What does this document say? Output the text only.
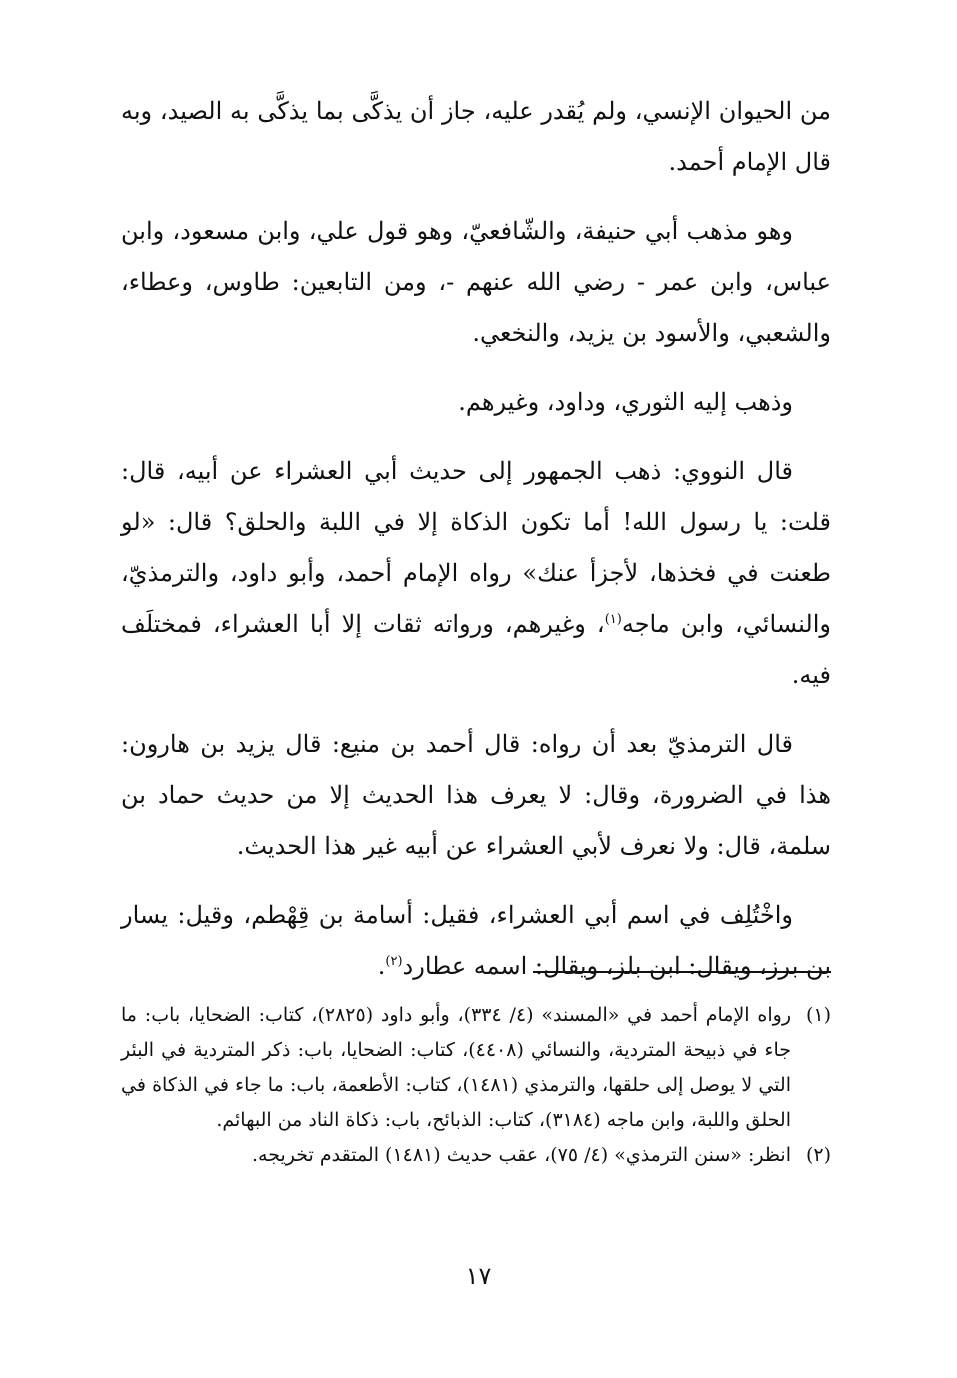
من الحيوان الإنسي، ولم يُقدر عليه، جاز أن يذكَّى بما يذكَّى به الصيد، وبه قال الإمام أحمد.

وهو مذهب أبي حنيفة، والشّافعيّ، وهو قول علي، وابن مسعود، وابن عباس، وابن عمر - رضي الله عنهم -، ومن التابعين: طاوس، وعطاء، والشعبي، والأسود بن يزيد، والنخعي.

وذهب إليه الثوري، وداود، وغيرهم.

قال النووي: ذهب الجمهور إلى حديث أبي العشراء عن أبيه، قال: قلت: يا رسول الله! أما تكون الذكاة إلا في اللبة والحلق؟ قال: «لو طعنت في فخذها، لأجزأ عنك» رواه الإمام أحمد، وأبو داود، والترمذيّ، والنسائي، وابن ماجه$^{(١)}$، وغيرهم، ورواته ثقات إلا أبا العشراء، فمختلَف فيه.

قال الترمذيّ بعد أن رواه: قال أحمد بن منيع: قال يزيد بن هارون: هذا في الضرورة، وقال: لا يعرف هذا الحديث إلا من حديث حماد بن سلمة، قال: ولا نعرف لأبي العشراء عن أبيه غير هذا الحديث.

واخْتُلِف في اسم أبي العشراء، فقيل: أسامة بن قِهْطم، وقيل: يسار بن برز، ويقال: ابن بلز، ويقال: اسمه عطارد$^{(٢)}$.

(١)
رواه الإمام أحمد في «المسند» (٤/ ٣٣٤)، وأبو داود (٢٨٢٥)، كتاب: الضحايا، باب: ما جاء في ذبيحة المتردية، والنسائي (٤٤٠٨)، كتاب: الضحايا، باب: ذكر المتردية في البئر التي لا يوصل إلى حلقها، والترمذي (١٤٨١)، كتاب: الأطعمة، باب: ما جاء في الذكاة في الحلق واللبة، وابن ماجه (٣١٨٤)، كتاب: الذبائح، باب: ذكاة الناد من البهائم.
(٢)
انظر: «سنن الترمذي» (٤/ ٧٥)، عقب حديث (١٤٨١) المتقدم تخريجه.
١٧
